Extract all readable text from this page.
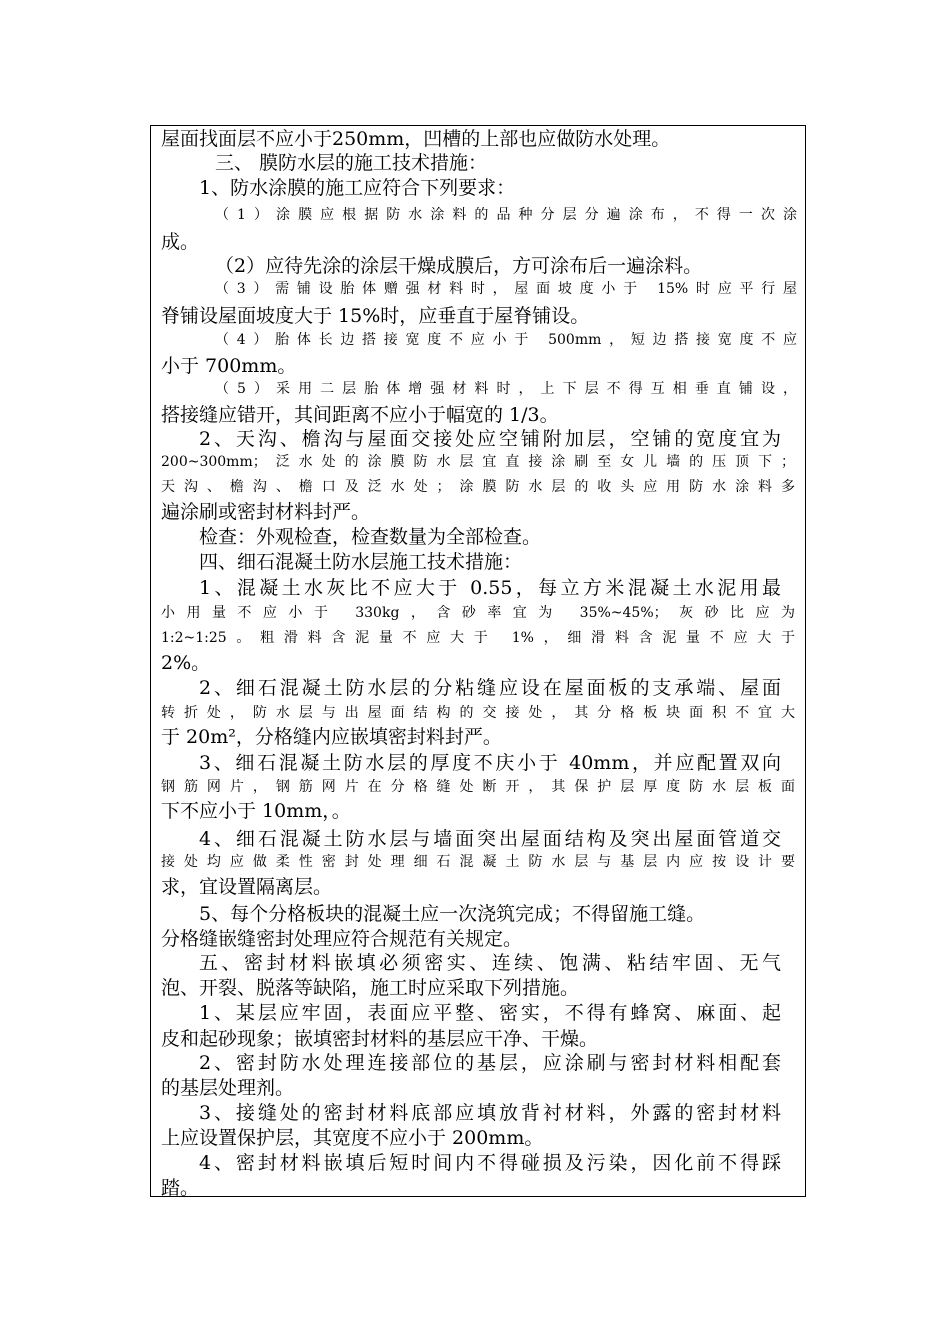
屋面找面层不应小于250mm，凹槽的上部也应做防水处理。
三、 膜防水层的施工技术措施：
1、防水涂膜的施工应符合下列要求：
（1）涂膜应根据防水涂料的品种分层分遍涂布，不得一次涂
成。
（2）应待先涂的涂层干燥成膜后，方可涂布后一遍涂料。
（3）需铺设胎体赠强材料时，屋面坡度小于 15%时应平行屋
脊铺设屋面坡度大于 15%时，应垂直于屋脊铺设。
（4）胎体长边搭接宽度不应小于 500mm，短边搭接宽度不应
小于 700mm。
（5）采用二层胎体增强材料时，上下层不得互相垂直铺设，
搭接缝应错开，其间距离不应小于幅宽的 1/3。
2、天沟、檐沟与屋面交接处应空铺附加层，空铺的宽度宜为
200~300mm；泛水处的涂膜防水层宜直接涂刷至女儿墙的压顶下；
天沟、檐沟、檐口及泛水处；涂膜防水层的收头应用防水涂料多
遍涂刷或密封材料封严。
检查：外观检查，检查数量为全部检查。
四、细石混凝土防水层施工技术措施：
1、混凝土水灰比不应大于 0.55，每立方米混凝土水泥用最
小用量不应小于 330kg，含砂率宜为 35%~45%；灰砂比应为
1:2~1:25。粗滑料含泥量不应大于 1%，细滑料含泥量不应大于
2%。
2、细石混凝土防水层的分粘缝应设在屋面板的支承端、屋面
转折处，防水层与出屋面结构的交接处，其分格板块面积不宜大
于 20m²，分格缝内应嵌填密封料封严。
3、细石混凝土防水层的厚度不庆小于 40mm，并应配置双向
钢筋网片，钢筋网片在分格缝处断开，其保护层厚度防水层板面
下不应小于 10mm，。
4、细石混凝土防水层与墙面突出屋面结构及突出屋面管道交
接处均应做柔性密封处理细石混凝土防水层与基层内应按设计要
求，宜设置隔离层。
5、每个分格板块的混凝土应一次浇筑完成；不得留施工缝。
分格缝嵌缝密封处理应符合规范有关规定。
五、密封材料嵌填必须密实、连续、饱满、粘结牢固、无气
泡、开裂、脱落等缺陷，施工时应采取下列措施。
1、某层应牢固，表面应平整、密实，不得有蜂窝、麻面、起
皮和起砂现象；嵌填密封材料的基层应干净、干燥。
2、密封防水处理连接部位的基层，应涂刷与密封材料相配套
的基层处理剂。
3、接缝处的密封材料底部应填放背衬材料，外露的密封材料
上应设置保护层，其宽度不应小于 200mm。
4、密封材料嵌填后短时间内不得碰损及污染，因化前不得踩
踏。
